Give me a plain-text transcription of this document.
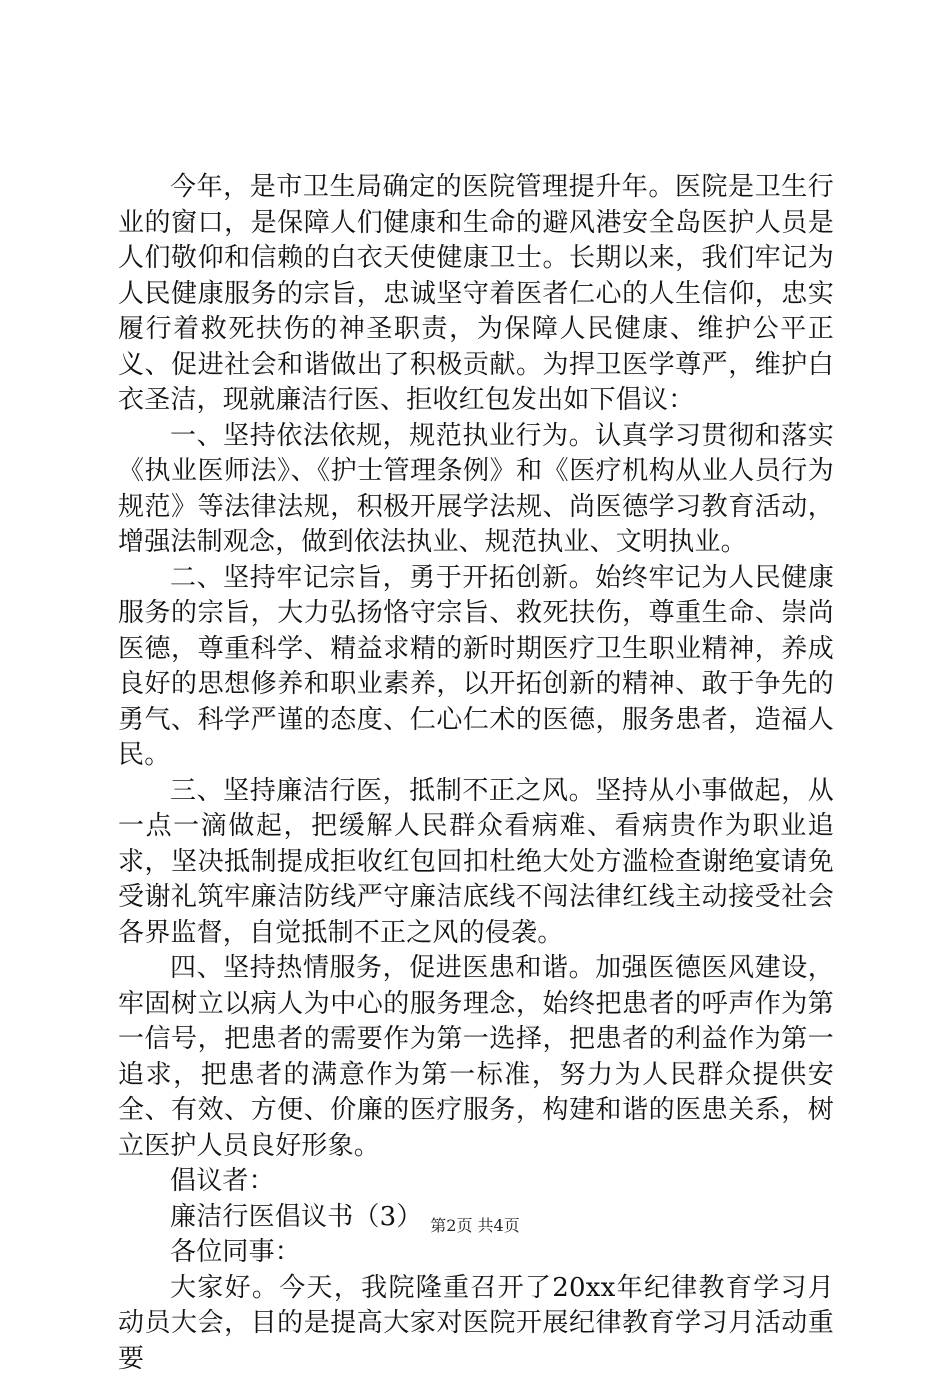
今年，是市卫生局确定的医院管理提升年。医院是卫生行业的窗口，是保障人们健康和生命的避风港安全岛医护人员是人们敬仰和信赖的白衣天使健康卫士。长期以来，我们牢记为人民健康服务的宗旨，忠诚坚守着医者仁心的人生信仰，忠实履行着救死扶伤的神圣职责，为保障人民健康、维护公平正义、促进社会和谐做出了积极贡献。为捍卫医学尊严，维护白衣圣洁，现就廉洁行医、拒收红包发出如下倡议：

一、坚持依法依规，规范执业行为。认真学习贯彻和落实《执业医师法》、《护士管理条例》和《医疗机构从业人员行为规范》等法律法规，积极开展学法规、尚医德学习教育活动，增强法制观念，做到依法执业、规范执业、文明执业。

二、坚持牢记宗旨，勇于开拓创新。始终牢记为人民健康服务的宗旨，大力弘扬恪守宗旨、救死扶伤，尊重生命、崇尚医德，尊重科学、精益求精的新时期医疗卫生职业精神，养成良好的思想修养和职业素养，以开拓创新的精神、敢于争先的勇气、科学严谨的态度、仁心仁术的医德，服务患者，造福人民。

三、坚持廉洁行医，抵制不正之风。坚持从小事做起，从一点一滴做起，把缓解人民群众看病难、看病贵作为职业追求，坚决抵制提成拒收红包回扣杜绝大处方滥检查谢绝宴请免受谢礼筑牢廉洁防线严守廉洁底线不闯法律红线主动接受社会各界监督，自觉抵制不正之风的侵袭。

四、坚持热情服务，促进医患和谐。加强医德医风建设，牢固树立以病人为中心的服务理念，始终把患者的呼声作为第一信号，把患者的需要作为第一选择，把患者的利益作为第一追求，把患者的满意作为第一标准，努力为人民群众提供安全、有效、方便、价廉的医疗服务，构建和谐的医患关系，树立医护人员良好形象。

倡议者：

廉洁行医倡议书（3）

各位同事：

大家好。今天，我院隆重召开了20xx年纪律教育学习月动员大会，目的是提高大家对医院开展纪律教育学习月活动重要

第2页 共4页
